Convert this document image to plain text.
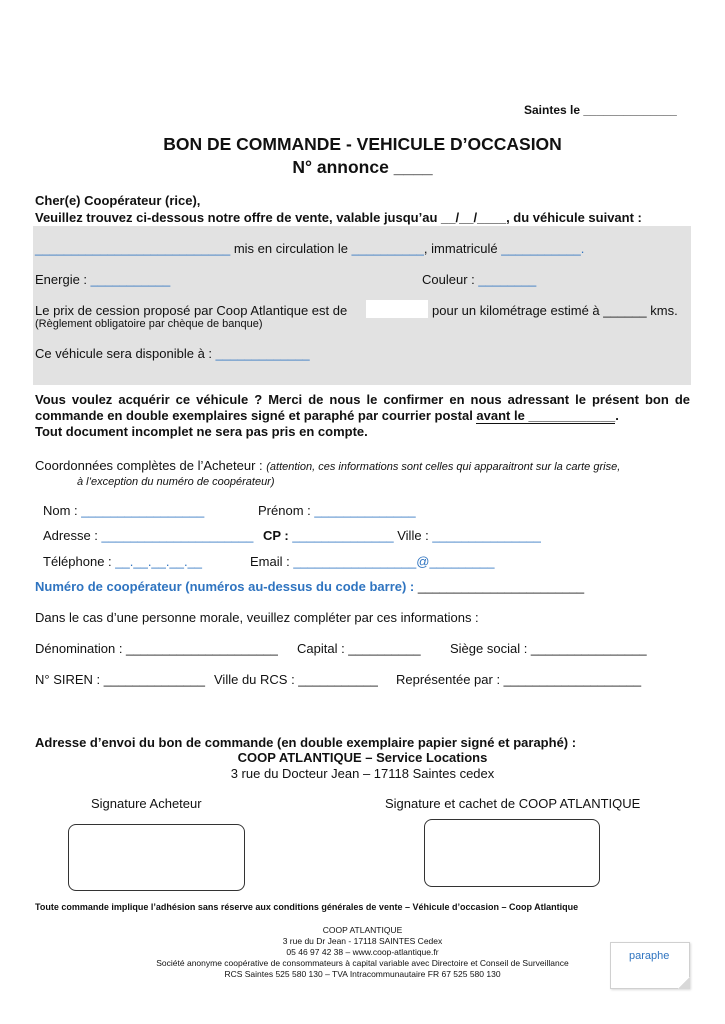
Saintes le ______________
BON DE COMMANDE - VEHICULE D’OCCASION
N° annonce ____
Cher(e) Coopérateur (rice),
Veuillez trouvez ci-dessous notre offre de vente, valable jusqu’au __/__/____, du véhicule suivant :
___________________________ mis en circulation le __________, immatriculé ___________.
Energie : ___________	Couleur : ________
Le prix de cession proposé par Coop Atlantique est de	pour un kilométrage estimé à ______ kms.
(Règlement obligatoire par chèque de banque)
Ce véhicule sera disponible à : _____________
Vous voulez acquérir ce véhicule ? Merci de nous le confirmer en nous adressant le présent bon de
commande en double exemplaires signé et paraphé par courrier postal avant le ____________.
Tout document incomplet ne sera pas pris en compte.
Coordonnées complètes de l’Acheteur : (attention, ces informations sont celles qui apparaitront sur la carte grise,
à l’exception du numéro de coopérateur)
Nom : _________________	Prénom : ______________
Adresse : _____________________ CP : ______________ Ville : _______________
Téléphone : __.__.__.__.__	Email : _________________@_________
Numéro de coopérateur (numéros au-dessus du code barre) : _______________________
Dans le cas d’une personne morale, veuillez compléter par ces informations :
Dénomination : _____________________ Capital : __________ Siège social : ________________
N° SIREN : ______________ Ville du RCS : ___________ Représentée par : ___________________
Adresse d’envoi du bon de commande (en double exemplaire papier signé et paraphé) :
COOP ATLANTIQUE – Service Locations
3 rue du Docteur Jean – 17118 Saintes cedex
Signature Acheteur	Signature et cachet de COOP ATLANTIQUE
Toute commande implique l’adhésion sans réserve aux conditions générales de vente – Véhicule d’occasion – Coop Atlantique
COOP ATLANTIQUE
3 rue du Dr Jean - 17118 SAINTES Cedex
05 46 97 42 38 – www.coop-atlantique.fr
Société anonyme coopérative de consommateurs à capital variable avec Directoire et Conseil de Surveillance
RCS Saintes 525 580 130 – TVA Intracommunautaire FR 67 525 580 130
paraphe
